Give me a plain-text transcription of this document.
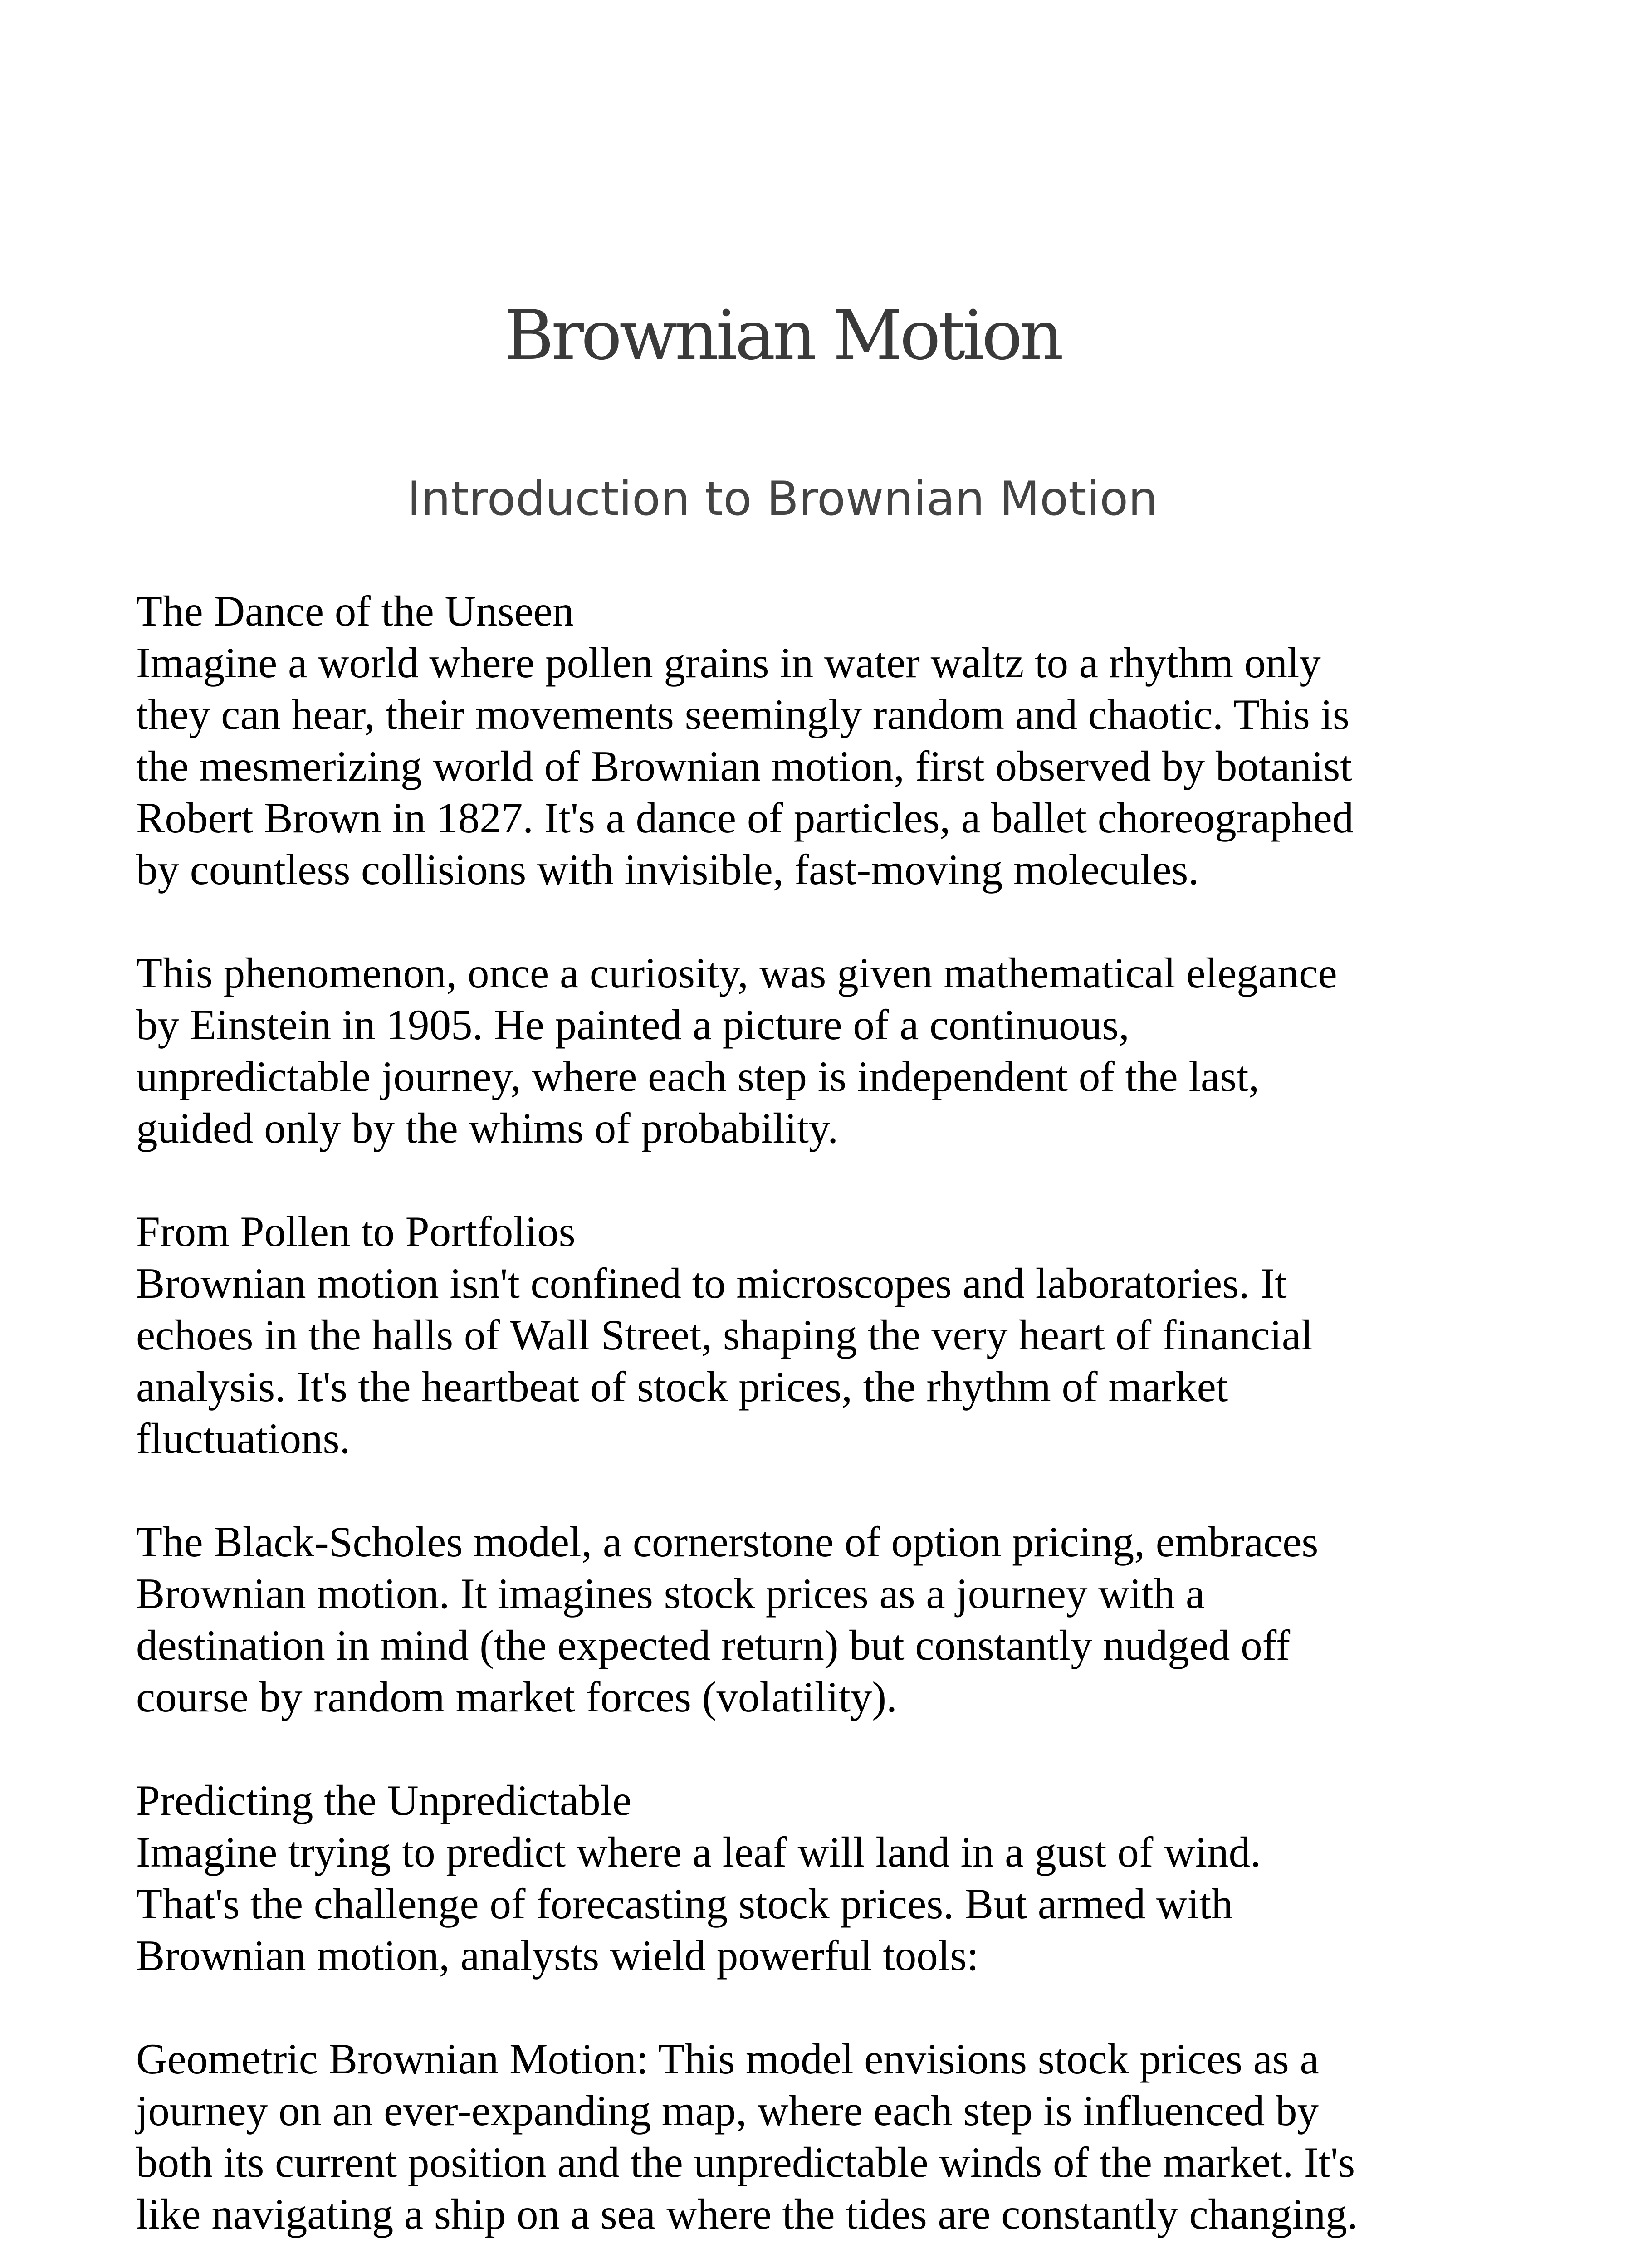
Brownian Motion
Introduction to Brownian Motion

The Dance of the Unseen

Imagine a world where pollen grains in water waltz to a rhythm only

they can hear, their movements seemingly random and chaotic. This is

the mesmerizing world of Brownian motion, first observed by botanist

Robert Brown in 1827. It's a dance of particles, a ballet choreographed

by countless collisions with invisible, fast-moving molecules.

This phenomenon, once a curiosity, was given mathematical elegance

by Einstein in 1905. He painted a picture of a continuous,

unpredictable journey, where each step is independent of the last,

guided only by the whims of probability.

From Pollen to Portfolios

Brownian motion isn't confined to microscopes and laboratories. It

echoes in the halls of Wall Street, shaping the very heart of financial

analysis. It's the heartbeat of stock prices, the rhythm of market

fluctuations.

The Black-Scholes model, a cornerstone of option pricing, embraces

Brownian motion. It imagines stock prices as a journey with a

destination in mind (the expected return) but constantly nudged off

course by random market forces (volatility).

Predicting the Unpredictable

Imagine trying to predict where a leaf will land in a gust of wind.

That's the challenge of forecasting stock prices. But armed with

Brownian motion, analysts wield powerful tools:

Geometric Brownian Motion: This model envisions stock prices as a

journey on an ever-expanding map, where each step is influenced by

both its current position and the unpredictable winds of the market. It's

like navigating a ship on a sea where the tides are constantly changing.
